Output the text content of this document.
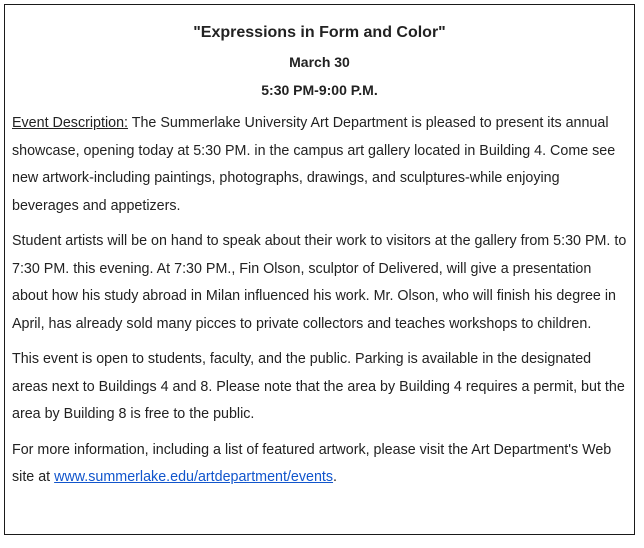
"Expressions in Form and Color"
March 30
5:30 PM-9:00 P.M.

Event Description: The Summerlake University Art Department is pleased to present its annual showcase, opening today at 5:30 PM. in the campus art gallery located in Building 4. Come see new artwork-including paintings, photographs, drawings, and sculptures-while enjoying beverages and appetizers.

Student artists will be on hand to speak about their work to visitors at the gallery from 5:30 PM. to 7:30 PM. this evening. At 7:30 PM., Fin Olson, sculptor of Delivered, will give a presentation about how his study abroad in Milan influenced his work. Mr. Olson, who will finish his degree in April, has already sold many picces to private collectors and teaches workshops to children.

This event is open to students, faculty, and the public. Parking is available in the designated areas next to Buildings 4 and 8. Please note that the area by Building 4 requires a permit, but the area by Building 8 is free to the public.

For more information, including a list of featured artwork, please visit the Art Department's Web site at www.summerlake.edu/artdepartment/events.
